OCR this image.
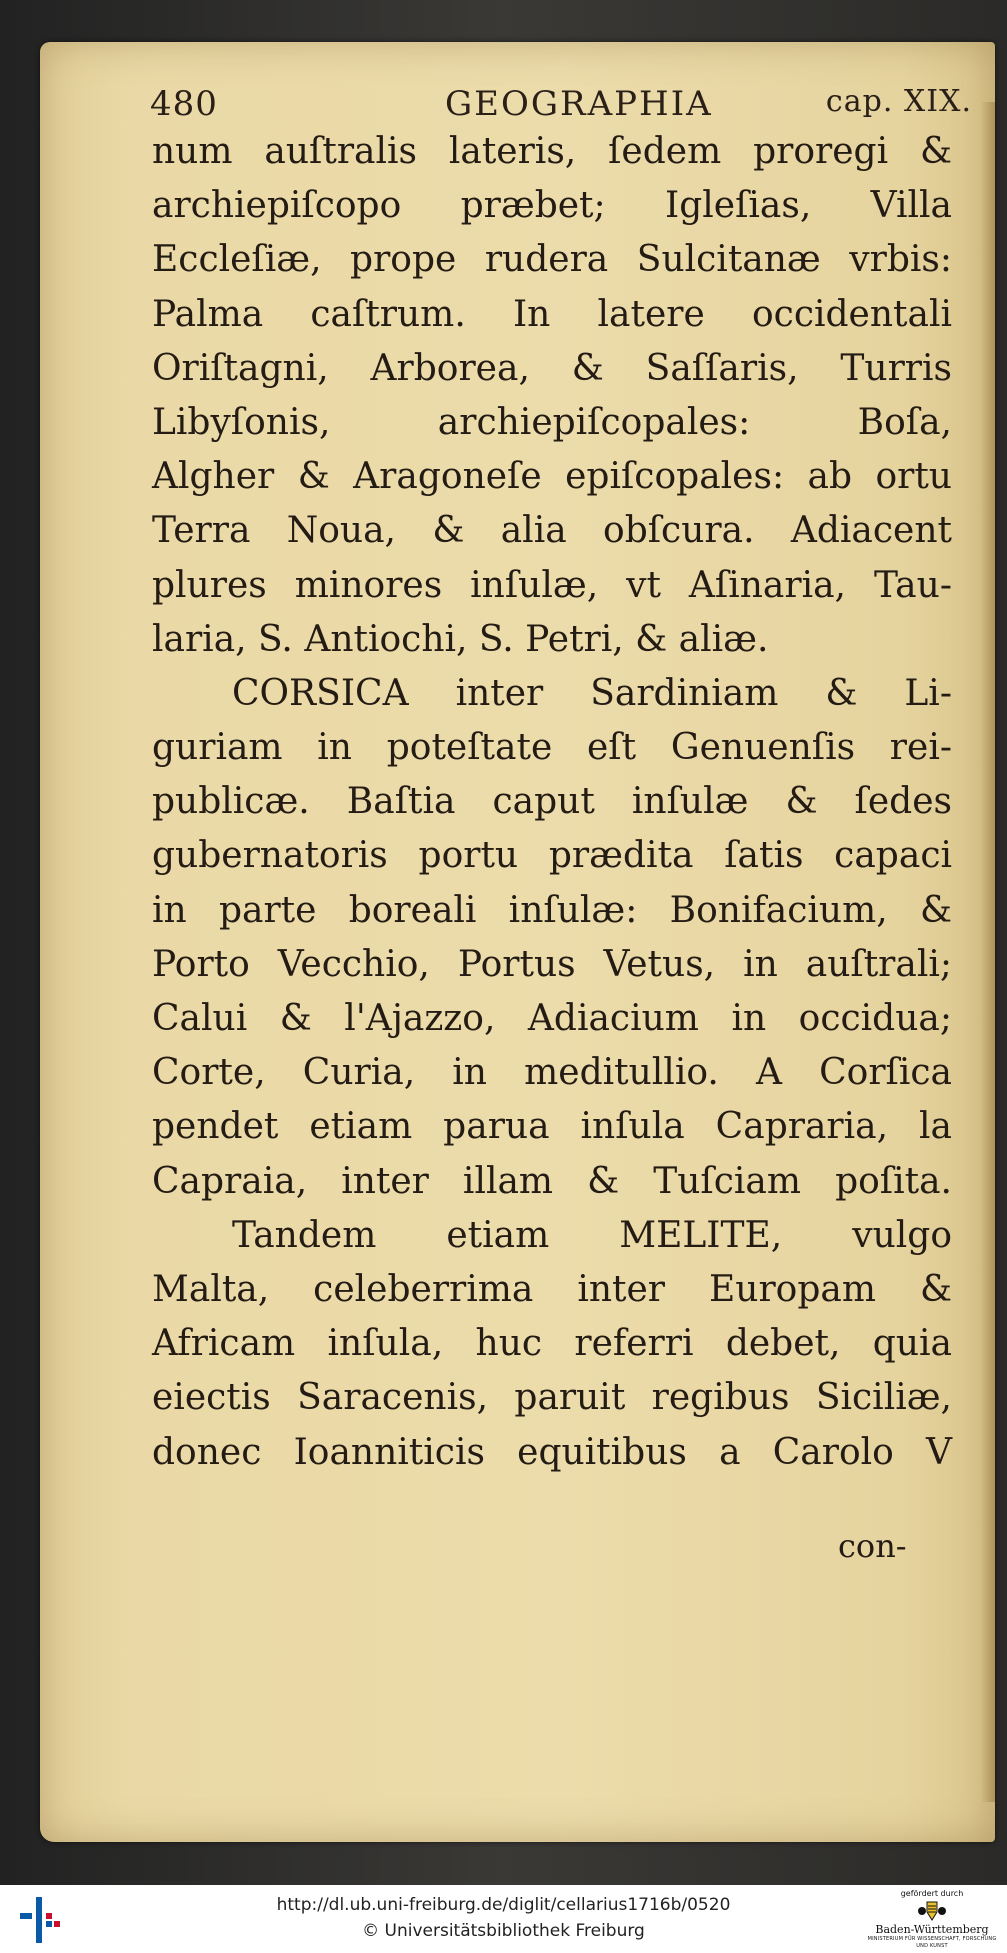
480	GEOGRAPHIA	cap. XIX.
num auſtralis lateris, ſedem proregi &
archiepiſcopo præbet; Igleſias, Villa
Eccleſiæ, prope rudera Sulcitanæ vrbis:
Palma caſtrum. In latere occidentali
Oriſtagni, Arborea, & Saſſaris, Turris
Libyſonis, archiepiſcopales: Boſa,
Algher & Aragoneſe epiſcopales: ab ortu
Terra Noua, & alia obſcura. Adiacent
plures minores inſulæ, vt Aſinaria, Tau-
laria, S. Antiochi, S. Petri, & aliæ.
CORSICA inter Sardiniam & Li-
guriam in poteſtate eſt Genuenſis rei-
publicæ. Baſtia caput inſulæ & ſedes
gubernatoris portu prædita ſatis capaci
in parte boreali inſulæ: Bonifacium, &
Porto Vecchio, Portus Vetus, in auſtrali;
Calui & l'Ajazzo, Adiacium in occidua;
Corte, Curia, in meditullio. A Corſica
pendet etiam parua inſula Capraria, la
Capraia, inter illam & Tuſciam poſita.
Tandem etiam MELITE, vulgo
Malta, celeberrima inter Europam &
Africam inſula, huc referri debet, quia
eiectis Saracenis, paruit regibus Siciliæ,
donec Ioanniticis equitibus a Carolo V
con-
http://dl.ub.uni-freiburg.de/diglit/cellarius1716b/0520
© Universitätsbibliothek Freiburg
gefördert durch
Baden-Württemberg
MINISTERIUM FÜR WISSENSCHAFT, FORSCHUNG UND KUNST
